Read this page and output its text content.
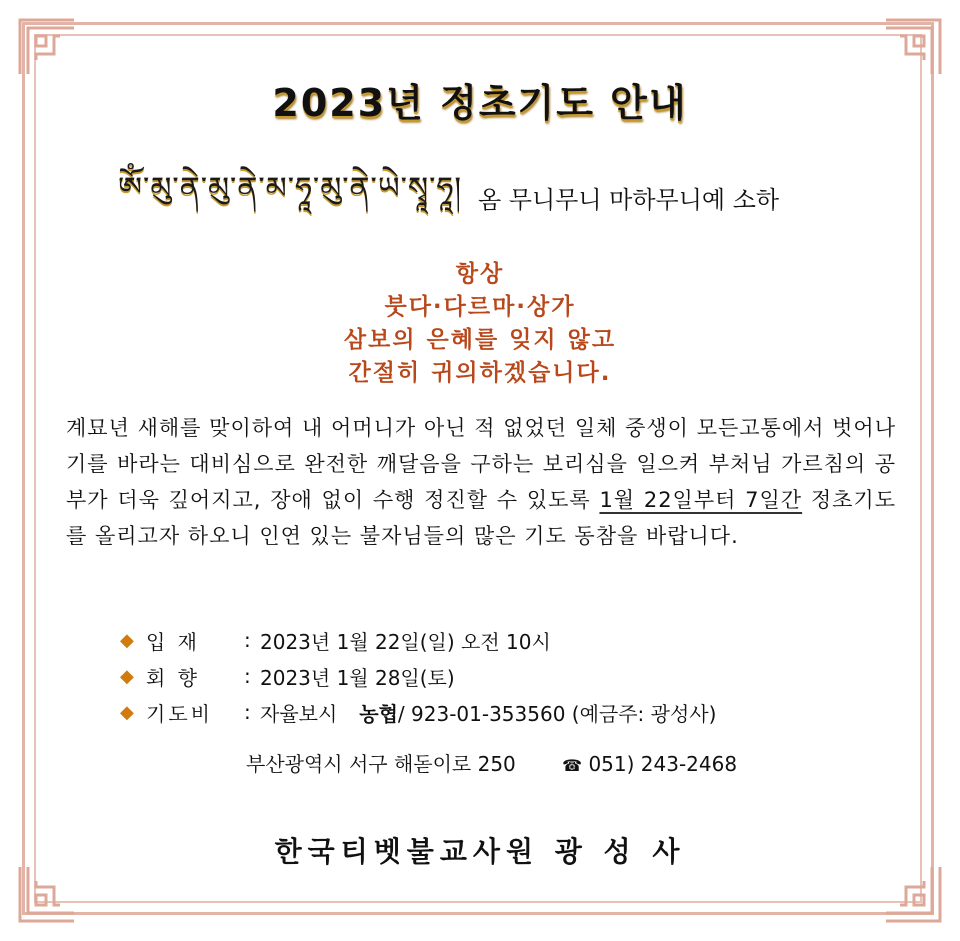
2023년 정초기도 안내
ༀ་མུ་ནེ་མུ་ནེ་མ་ཧཱ་མུ་ནེ་ཡེ་སྭཱ་ཧཱ། 옴 무니무니 마하무니예 소하
항상
붓다·다르마·상가
삼보의 은혜를 잊지 않고
간절히 귀의하겠습니다.
계묘년 새해를 맞이하여 내 어머니가 아닌 적 없었던 일체 중생이 모든고통에서 벗어나기를 바라는 대비심으로 완전한 깨달음을 구하는 보리심을 일으켜 부처님 가르침의 공부가 더욱 깊어지고, 장애 없이 수행 정진할 수 있도록 1월 22일부터 7일간 정초기도를 올리고자 하오니 인연 있는 불자님들의 많은 기도 동참을 바랍니다.
◆ 입 재	: 2023년 1월 22일(일) 오전 10시
◆ 회 향	: 2023년 1월 28일(토)
◆ 기도비	: 자율보시 농협 / 923-01-353560 (예금주: 광성사)
부산광역시 서구 해돋이로 250	☎ 051) 243-2468
한국티벳불교사원 광 성 사
